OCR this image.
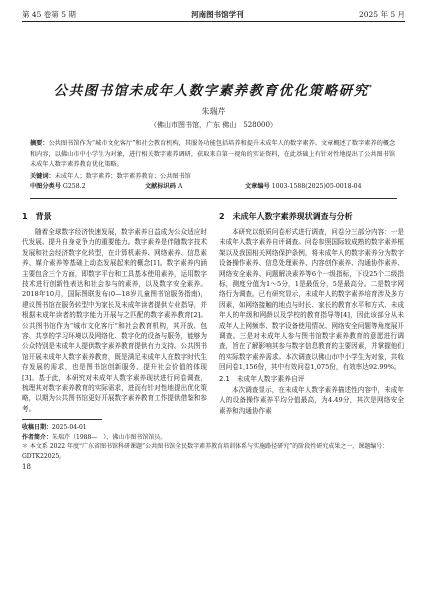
第 45 卷第 5 期	河南图书馆学刊	2025 年 5 月
公共图书馆未成年人数字素养教育优化策略研究*
朱瑞芹
（佛山市图书馆，广东 佛山　528000）
摘要：公共图书馆作为“城市文化客厅”和社会教育机构，其服务功能包括培养和提升未成年人的数字素养。文章概述了数字素养的概念和内容，以佛山市中小学生为对象，进行相关数字素养调研，获取来自第一视角的实证资料，在此基础上有针对性地提出了公共图书馆未成年人数字素养教育优化策略。
关键词：未成年人；数字素养；数字素养教育；公共图书馆
中图分类号 G258.2	文献标识码 A	文章编号 1003-1588(2025)05-0018-04
1　背景

随着全球数字经济快速发展，数字素养日益成为公众适应时代发展、提升自身竞争力的重要能力。数字素养是伴随数字技术发展和社会经济数字化转型，在计算机素养、网络素养、信息素养、媒介素养等基础上动态发展起来的概念[1]。数字素养内涵主要包含三个方面，即数字平台和工具基本使用素养，运用数字技术进行创新性表达和社会参与的素养，以及数字安全素养。2018年10月，国际图联发布(0—18岁儿童图书馆服务指南)，建议图书馆在服务转型中为家长及未成年读者提供专业指导，并根据未成年读者的数字能力开展与之匹配的数字素养教育[2]。公共图书馆作为“城市文化客厅”和社会教育机构，其开放、包容、共享的学习环境以及网络化、数字化的设备与服务，能够为公众特别是未成年人提供数字素养教育提供有力支持。公共图书馆开展未成年人数字素养教育，既是满足未成年人在数字时代生存发展的需求，也是图书馆创新服务、提升社会价值的体现[3]。基于此，本研究对未成年人数字素养现状进行问卷调查，梳理其对数字素养教育的实际需求，进而有针对性地提出优化策略，以期为公共图书馆更好开展数字素养教育工作提供借鉴和参考。

收稿日期：2025-04-01
作者简介：朱瑞芹（1988—　），佛山市图书馆馆员。
2　未成年人数字素养现状调查与分析

本研究以纸质问卷形式进行调查，问卷分三部分内容：一是未成年人数字素养自评调查。问卷参照国际较成熟的数字素养框架以及我国相关网络保护条例，将未成年人的数字素养分为数字设备操作素养、信息处理素养、内容创作素养、沟通协作素养、网络安全素养、问题解决素养等6个一级指标，下设25个二级指标，测度分值为1～5分，1是最低分，5是最高分。二是数字网络行为调查。已有研究显示，未成年人的数字素养培育涉及多方因素，如网络接触的地点与时长、家长的教育水平和方式、未成年人的年级和网龄以及学校的教育指导等[4]，因此该部分从未成年人上网频率、数字设备使用情况、网络安全问题等角度展开调查。三是对未成年人参与图书馆数字素养教育的意愿进行调查，旨在了解影响其参与数字信息教育的主要因素，并掌握他们的实际数字素养需求。本次调查以佛山市中小学生为对象，共收回问卷1,156份，其中有效问卷1,075份，有效率达92.99%。

2.1　未成年人数字素养自评

本次调查显示，在未成年人数字素养描述性内容中，未成年人的设备操作素养平均分值最高，为4.49分，其次是网络安全素养和沟通协作素

＊ 本文系 2022 年度“广东省图书馆科研课题”公共图书馆全民数字素养教育培训体系与实施路径研究”的阶段性研究成果之一，课题编号：GDTK22025。
18
